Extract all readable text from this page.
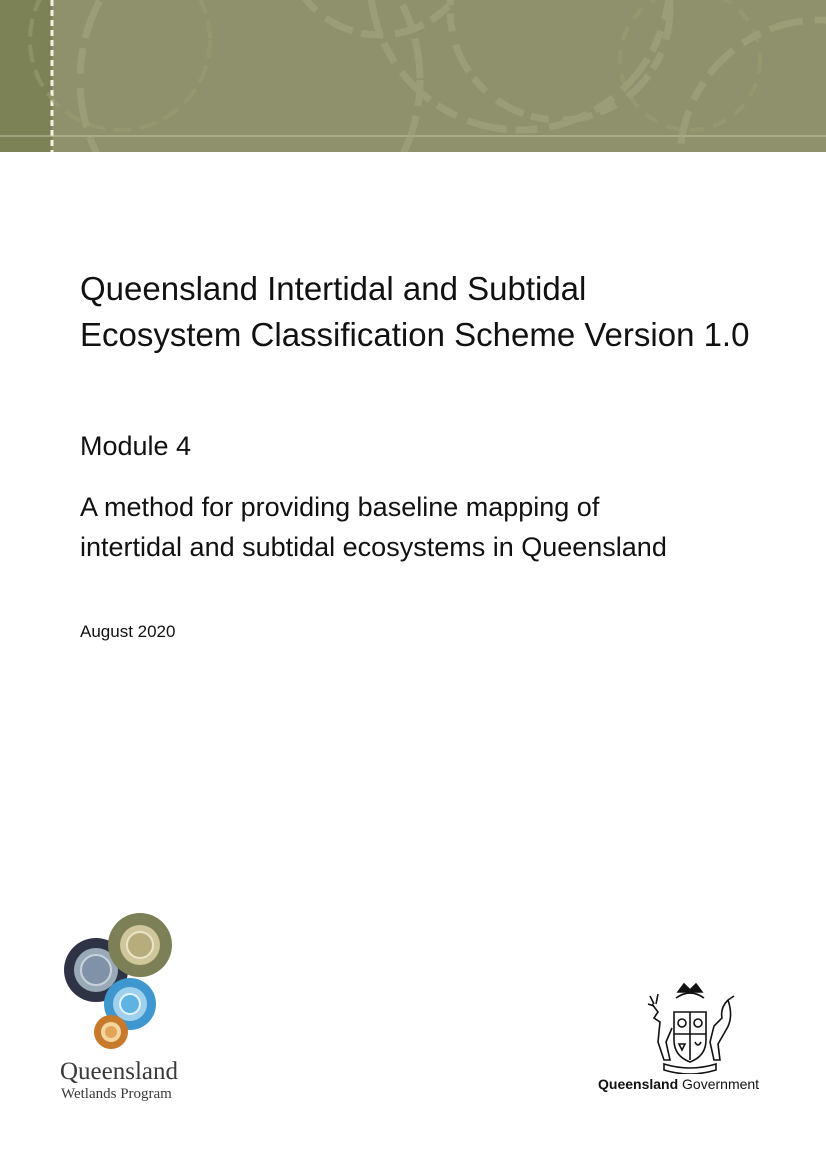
Queensland Intertidal and Subtidal
Ecosystem Classification Scheme Version 1.0

Module 4

A method for providing baseline mapping of
intertidal and subtidal ecosystems in Queensland

August 2020

Queensland
Wetlands Program
Queensland Government
